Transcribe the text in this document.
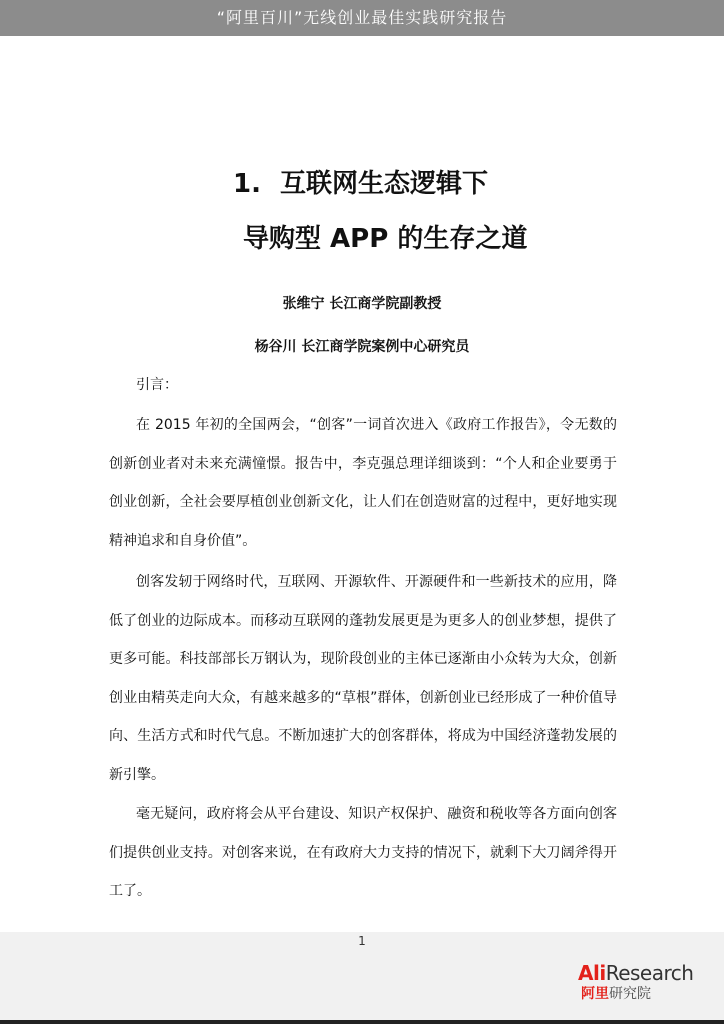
“阿里百川”无线创业最佳实践研究报告
1. 互联网生态逻辑下
导购型 APP 的生存之道
张维宁 长江商学院副教授
杨谷川 长江商学院案例中心研究员

引言：

在 2015 年初的全国两会，“创客”一词首次进入《政府工作报告》，令无数的创新创业者对未来充满憧憬。报告中，李克强总理详细谈到：“个人和企业要勇于创业创新，全社会要厚植创业创新文化，让人们在创造财富的过程中，更好地实现精神追求和自身价值”。

创客发轫于网络时代，互联网、开源软件、开源硬件和一些新技术的应用，降低了创业的边际成本。而移动互联网的蓬勃发展更是为更多人的创业梦想，提供了更多可能。科技部部长万钢认为，现阶段创业的主体已逐渐由小众转为大众，创新创业由精英走向大众，有越来越多的“草根”群体，创新创业已经形成了一种价值导向、生活方式和时代气息。不断加速扩大的创客群体，将成为中国经济蓬勃发展的新引擎。

毫无疑问，政府将会从平台建设、知识产权保护、融资和税收等各方面向创客们提供创业支持。对创客来说，在有政府大力支持的情况下，就剩下大刀阔斧得开工了。

1
AliResearch
阿里研究院
